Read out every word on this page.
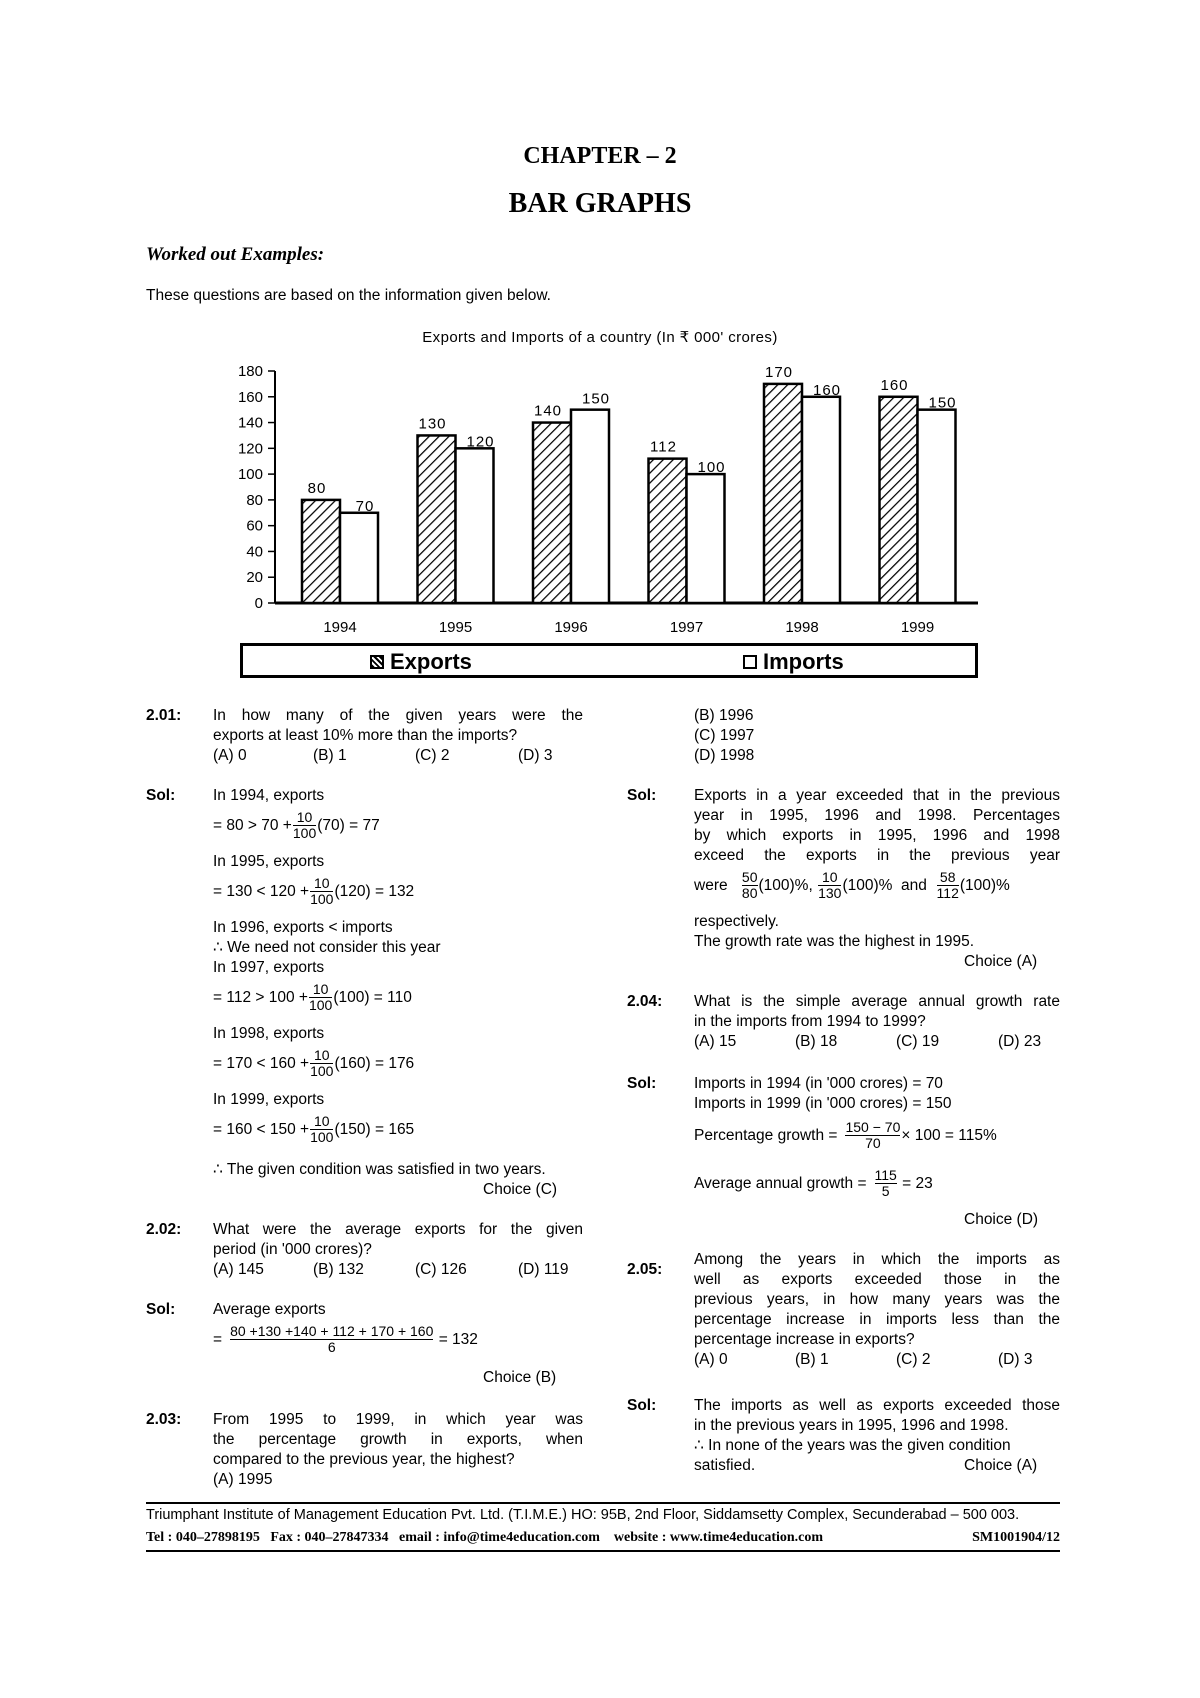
CHAPTER – 2
BAR GRAPHS
Worked out Examples:
These questions are based on the information given below.
Exports and Imports of a country (In ₹ 000' crores)
0
20
40
60
80
100
120
140
160
180
80
70
1994
130
120
1995
140
150
1996
112
100
1997
170
160
1998
160
150
1999
Exports	Imports
2.01: In how many of the given years were the
exports at least 10% more than the imports?
(A) 0	(B) 1	(C) 2	(D) 3
Sol: In 1994, exports
= $80 > 70 + \frac{10}{100} (70) = 77$
In 1995, exports
= $130 < 120 + \frac{10}{100} (120) = 132$
In 1996, exports < imports
∴ We need not consider this year
In 1997, exports
= $112 > 100 + \frac{10}{100} (100) = 110$
In 1998, exports
= $170 < 160 + \frac{10}{100} (160) = 176$
In 1999, exports
= $160 < 150 + \frac{10}{100} (150) = 165$
∴ The given condition was satisfied in two years.
Choice (C)
2.02: What were the average exports for the given
period (in '000 crores)?
(A) 145	(B) 132	(C) 126	(D) 119
Sol: Average exports
= $\frac{80 +130 +140 + 112 + 170 + 160}{6} = 132$
Choice (B)
2.03: From 1995 to 1999, in which year was
the percentage growth in exports, when
compared to the previous year, the highest?
(A) 1995
(B) 1996
(C) 1997
(D) 1998
Sol: Exports in a year exceeded that in the previous
year in 1995, 1996 and 1998. Percentages
by which exports in 1995, 1996 and 1998
exceed the exports in the previous year
were $\frac{50}{80} (100)\%$, $\frac{10}{130} (100)\%$ and $\frac{58}{112} (100)\%$
respectively.
The growth rate was the highest in 1995.
Choice (A)
2.04: What is the simple average annual growth rate
in the imports from 1994 to 1999?
(A) 15	(B) 18	(C) 19	(D) 23
Sol: Imports in 1994 (in '000 crores) = 70
Imports in 1999 (in '000 crores) = 150
Percentage growth = $\frac{150 - 70}{70} \times 100 = 115\%$
Average annual growth = $\frac{115}{5} = 23$
Choice (D)
2.05:
Among the years in which the imports as
well as exports exceeded those in the
previous years, in how many years was the
percentage increase in imports less than the
percentage increase in exports?
(A) 0	(B) 1	(C) 2	(D) 3
Sol: The imports as well as exports exceeded those
in the previous years in 1995, 1996 and 1998.
∴ In none of the years was the given condition
satisfied.	Choice (A)
Triumphant Institute of Management Education Pvt. Ltd. (T.I.M.E.) HO: 95B, 2nd Floor, Siddamsetty Complex, Secunderabad – 500 003.
Tel : 040–27898195 Fax : 040–27847334 email : info@time4education.com website : www.time4education.com	SM1001904/12
